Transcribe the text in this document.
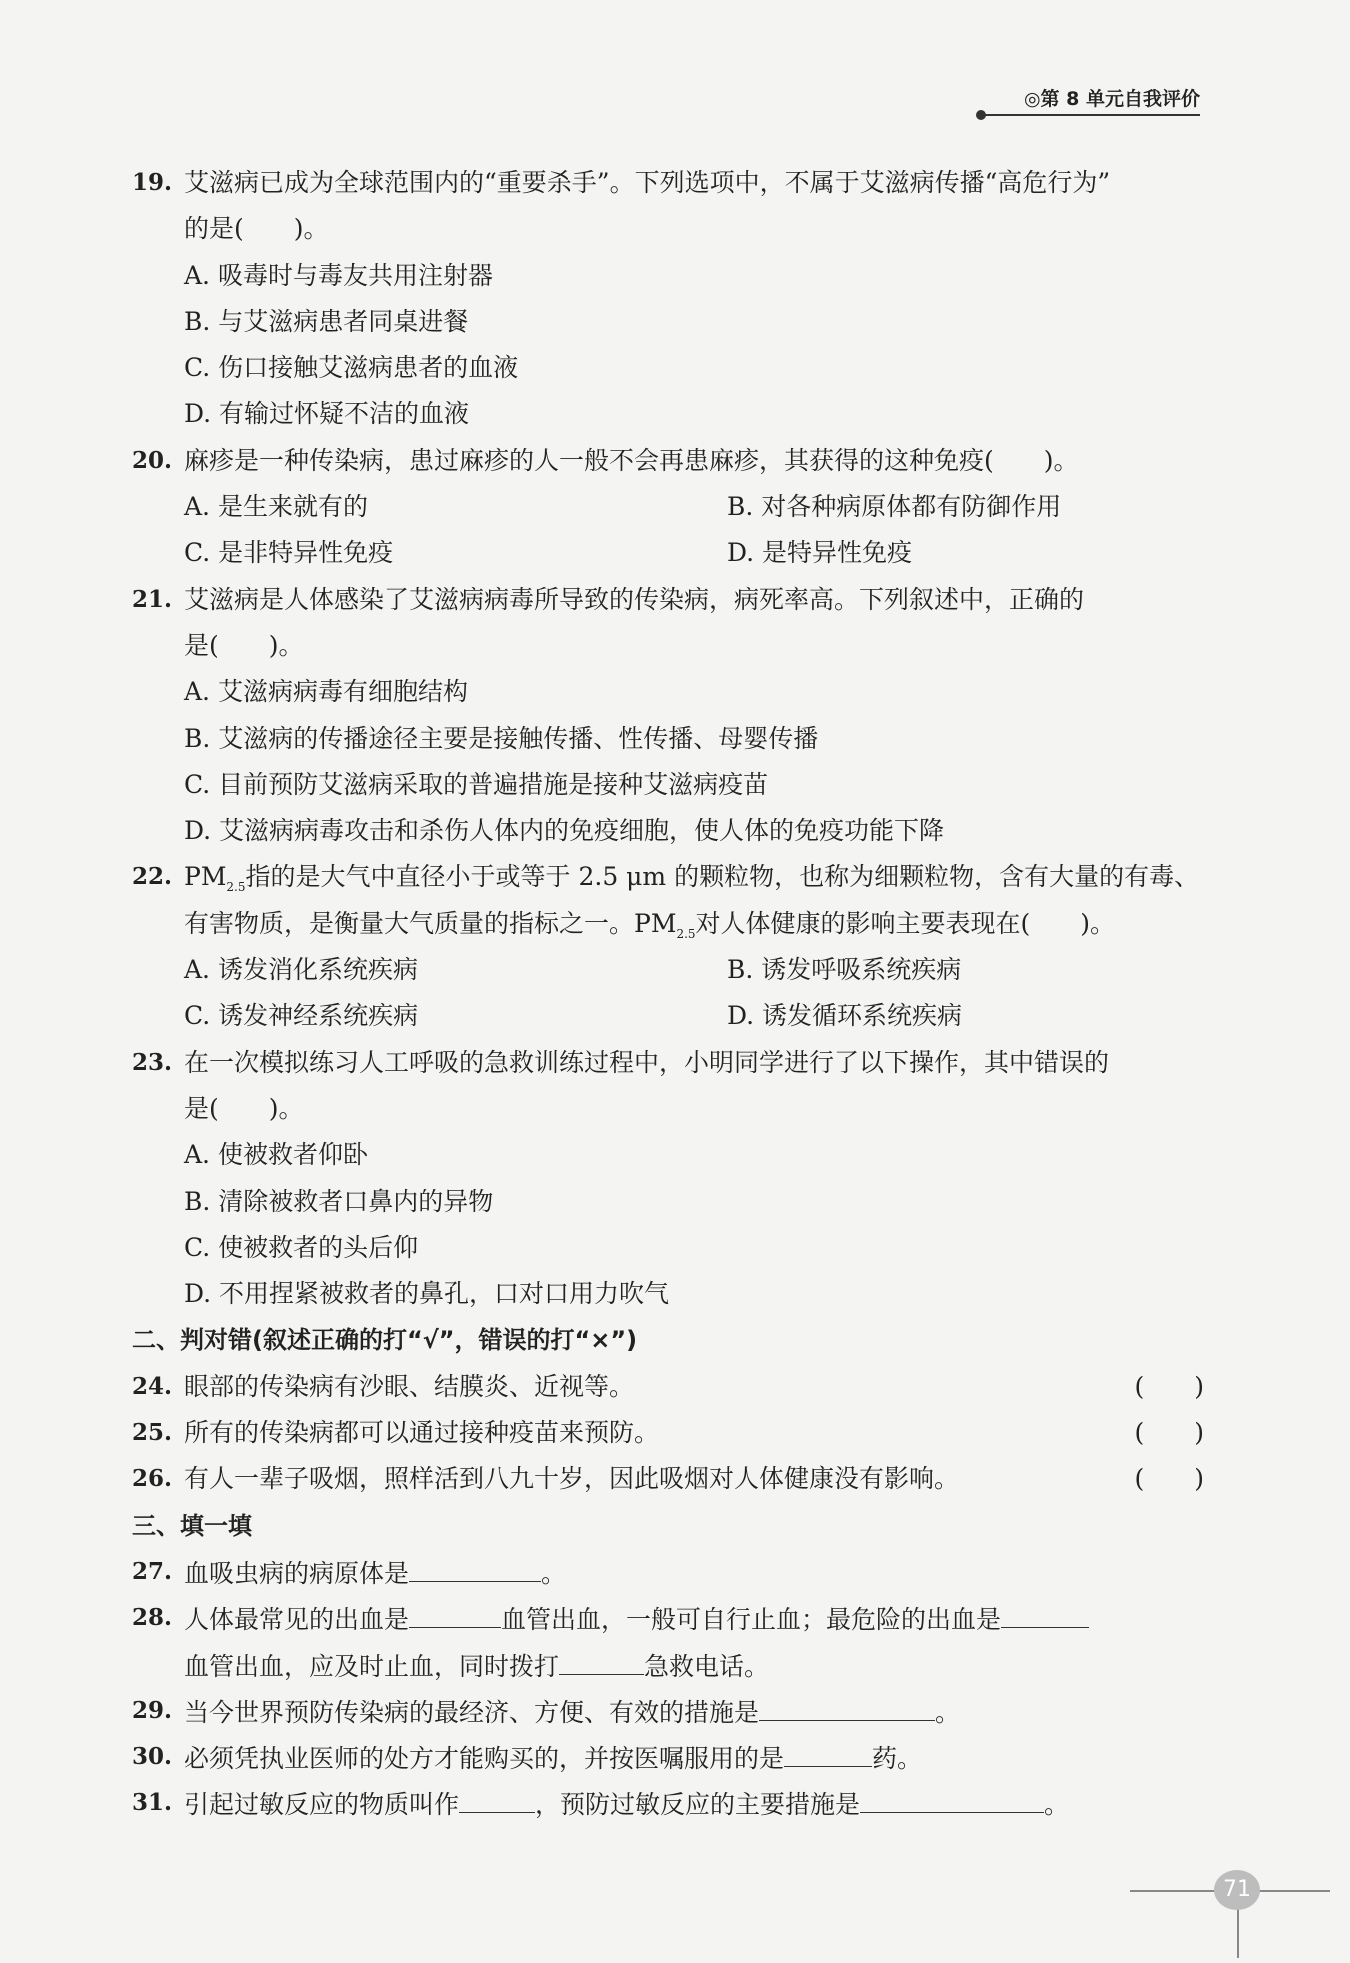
◎第 8 单元自我评价
19. 艾滋病已成为全球范围内的“重要杀手”。下列选项中，不属于艾滋病传播“高危行为”
的是(　　)。
A. 吸毒时与毒友共用注射器
B. 与艾滋病患者同桌进餐
C. 伤口接触艾滋病患者的血液
D. 有输过怀疑不洁的血液
20. 麻疹是一种传染病，患过麻疹的人一般不会再患麻疹，其获得的这种免疫(　　)。
A. 是生来就有的	B. 对各种病原体都有防御作用
C. 是非特异性免疫	D. 是特异性免疫
21. 艾滋病是人体感染了艾滋病病毒所导致的传染病，病死率高。下列叙述中，正确的
是(　　)。
A. 艾滋病病毒有细胞结构
B. 艾滋病的传播途径主要是接触传播、性传播、母婴传播
C. 目前预防艾滋病采取的普遍措施是接种艾滋病疫苗
D. 艾滋病病毒攻击和杀伤人体内的免疫细胞，使人体的免疫功能下降
22. $PM_{2.5}$指的是大气中直径小于或等于 2.5 μm 的颗粒物，也称为细颗粒物，含有大量的有毒、
有害物质，是衡量大气质量的指标之一。$PM_{2.5}$对人体健康的影响主要表现在(　　)。
A. 诱发消化系统疾病	B. 诱发呼吸系统疾病
C. 诱发神经系统疾病	D. 诱发循环系统疾病
23. 在一次模拟练习人工呼吸的急救训练过程中，小明同学进行了以下操作，其中错误的
是(　　)。
A. 使被救者仰卧
B. 清除被救者口鼻内的异物
C. 使被救者的头后仰
D. 不用捏紧被救者的鼻孔，口对口用力吹气
二、判对错(叙述正确的打“√”，错误的打“×”)
24. 眼部的传染病有沙眼、结膜炎、近视等。	(　　)
25. 所有的传染病都可以通过接种疫苗来预防。	(　　)
26. 有人一辈子吸烟，照样活到八九十岁，因此吸烟对人体健康没有影响。	(　　)
三、填一填
27. 血吸虫病的病原体是	。
28. 人体最常见的出血是	血管出血，一般可自行止血；最危险的出血是
血管出血，应及时止血，同时拨打	急救电话。
29. 当今世界预防传染病的最经济、方便、有效的措施是	。
30. 必须凭执业医师的处方才能购买的，并按医嘱服用的是	药。
31. 引起过敏反应的物质叫作	，预防过敏反应的主要措施是	。
71
